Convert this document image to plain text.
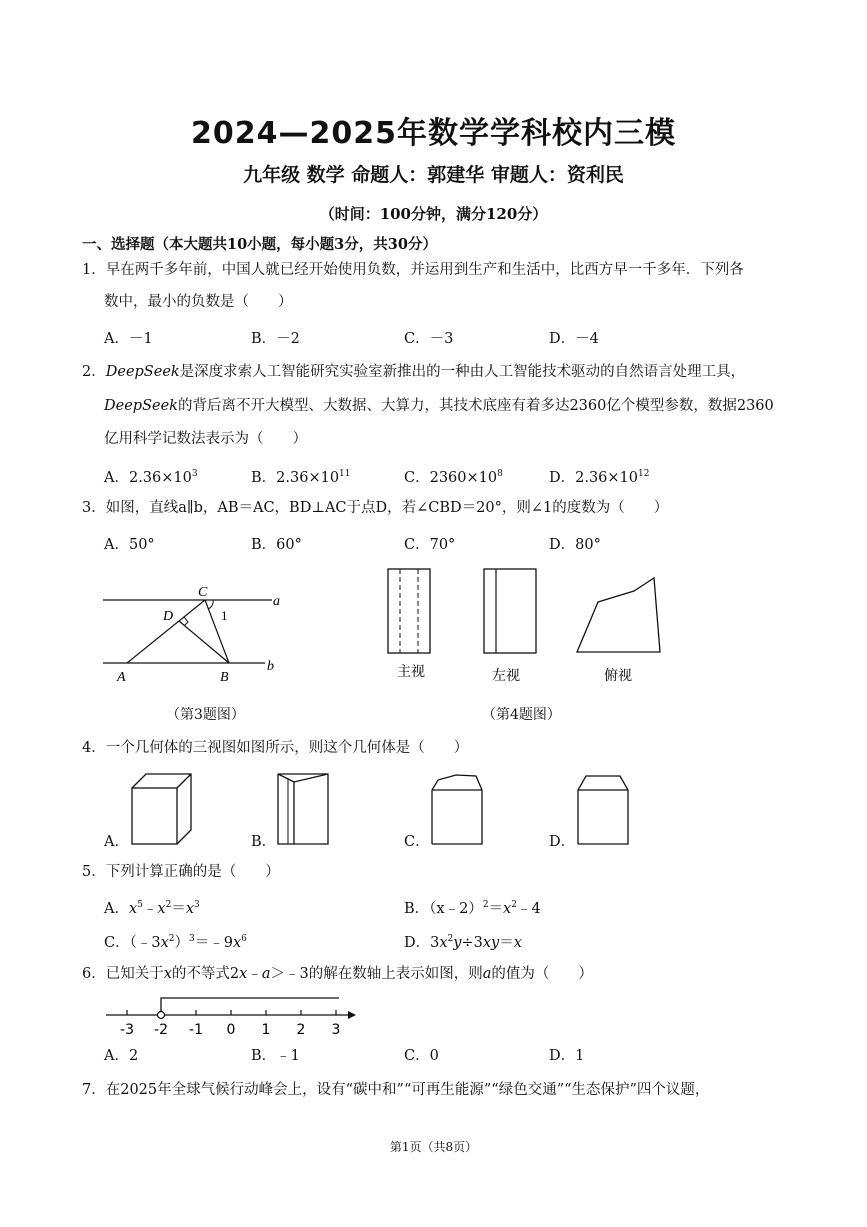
2024—2025年数学学科校内三模
九年级 数学 命题人：郭建华 审题人：资利民
（时间：100分钟，满分120分）
一、选择题（本大题共10小题，每小题3分，共30分）
1．早在两千多年前，中国人就已经开始使用负数，并运用到生产和生活中，比西方早一千多年．下列各
数中，最小的负数是（　　）
A．－1	B．－2	C．－3	D．－4
2．DeepSeek是深度求索人工智能研究实验室新推出的一种由人工智能技术驱动的自然语言处理工具，
DeepSeek的背后离不开大模型、大数据、大算力，其技术底座有着多达2360亿个模型参数，数据2360
亿用科学记数法表示为（　　）
A．$2.36\times 10^3$	B．$2.36\times 10^{11}$	C．$2360\times 10^8$	D．$2.36\times 10^{12}$
3．如图，直线a∥b，AB＝AC，BD⊥AC于点D，若∠CBD＝20°，则∠1的度数为（　　）
A．50°	B．60°	C．70°	D．80°
C
a
D	1
A	B
b
（第3题图）
主视	左视	俯视
（第4题图）
4．一个几何体的三视图如图所示，则这个几何体是（　　）
A．	B．	C．	D．
5．下列计算正确的是（　　）
A．$x^5﹣x^2=x^3$	B．$(x﹣2)^2=x^2﹣4$
C．$(﹣3x^2)^3=﹣9x^6$	D．$3x^2y\div 3xy=x$
6．已知关于x的不等式2x﹣a＞﹣3的解在数轴上表示如图，则a的值为（　　）
-3 -2 -1 0 1 2 3
A．2	B．﹣1	C．0	D．1
7．在2025年全球气候行动峰会上，设有“碳中和”“可再生能源”“绿色交通”“生态保护”四个议题，
第1页（共8页）
